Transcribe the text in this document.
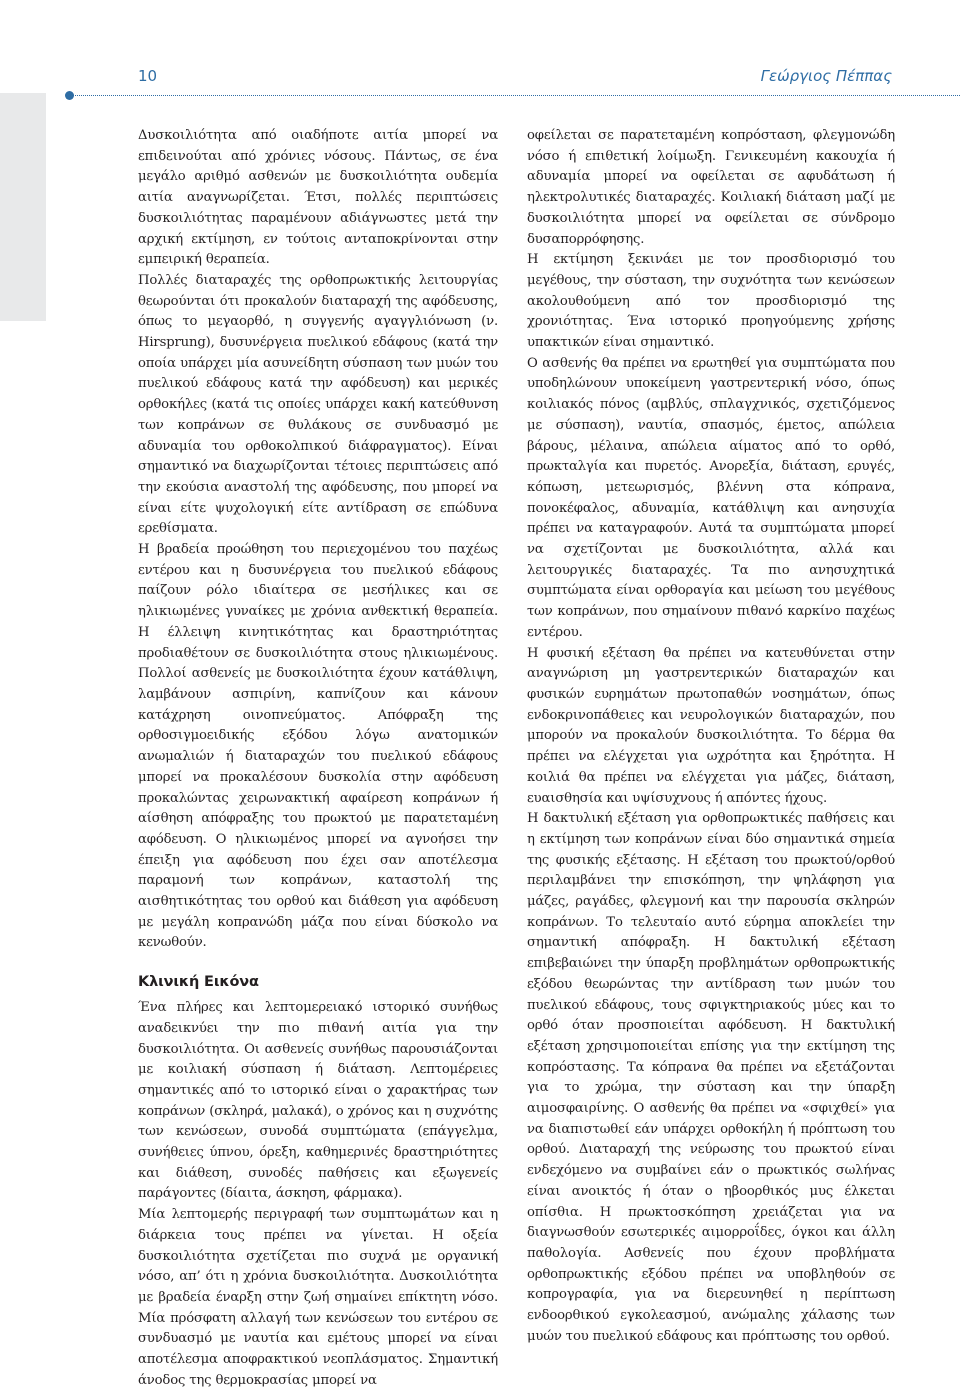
10	Γεώργιος Πέππας

Δυσκοιλιότητα από οιαδήποτε αιτία μπορεί να επιδεινούται από χρόνιες νόσους. Πάντως, σε ένα μεγάλο αριθμό ασθενών με δυσκοιλιότητα ουδεμία αιτία αναγνωρίζεται. Έτσι, πολλές περιπτώσεις δυσκοιλιότητας παραμένουν αδιάγνωστες μετά την αρχική εκτίμηση, εν τούτοις ανταποκρίνονται στην εμπειρική θεραπεία.

Πολλές διαταραχές της ορθοπρωκτικής λειτουργίας θεωρούνται ότι προκαλούν διαταραχή της αφόδευσης, όπως το μεγαορθό, η συγγενής αγαγγλιόνωση (ν. Hirsprung), δυσυνέργεια πυελικού εδάφους (κατά την οποία υπάρχει μία ασυνείδητη σύσπαση των μυών του πυελικού εδάφους κατά την αφόδευση) και μερικές ορθοκήλες (κατά τις οποίες υπάρχει κακή κατεύθυνση των κοπράνων σε θυλάκους σε συνδυασμό με αδυναμία του ορθοκολπικού διάφραγματος). Είναι σημαντικό να διαχωρίζονται τέτοιες περιπτώσεις από την εκούσια αναστολή της αφόδευσης, που μπορεί να είναι είτε ψυχολογική είτε αντίδραση σε επώδυνα ερεθίσματα.

Η βραδεία προώθηση του περιεχομένου του παχέως εντέρου και η δυσυνέργεια του πυελικού εδάφους παίζουν ρόλο ιδιαίτερα σε μεσήλικες και σε ηλικιωμένες γυναίκες με χρόνια ανθεκτική θεραπεία. Η έλλειψη κινητικότητας και δραστηριότητας προδιαθέτουν σε δυσκοιλιότητα στους ηλικιωμένους. Πολλοί ασθενείς με δυσκοιλιότητα έχουν κατάθλιψη, λαμβάνουν ασπιρίνη, καπνίζουν και κάνουν κατάχρηση οινοπνεύματος. Απόφραξη της ορθοσιγμοειδικής εξόδου λόγω ανατομικών ανωμαλιών ή διαταραχών του πυελικού εδάφους μπορεί να προκαλέσουν δυσκολία στην αφόδευση προκαλώντας χειρωνακτική αφαίρεση κοπράνων ή αίσθηση απόφραξης του πρωκτού με παρατεταμένη αφόδευση. Ο ηλικιωμένος μπορεί να αγνοήσει την έπειξη για αφόδευση που έχει σαν αποτέλεσμα παραμονή των κοπράνων, καταστολή της αισθητικότητας του ορθού και διάθεση για αφόδευση με μεγάλη κοπρανώδη μάζα που είναι δύσκολο να κενωθούν.

Κλινική Εικόνα

Ένα πλήρες και λεπτομερειακό ιστορικό συνήθως αναδεικνύει την πιο πιθανή αιτία για την δυσκοιλιότητα. Οι ασθενείς συνήθως παρουσιάζονται με κοιλιακή σύσπαση ή διάταση. Λεπτομέρειες σημαντικές από το ιστορικό είναι ο χαρακτήρας των κοπράνων (σκληρά, μαλακά), ο χρόνος και η συχνότης των κενώσεων, συνοδά συμπτώματα (επάγγελμα, συνήθειες ύπνου, όρεξη, καθημερινές δραστηριότητες και διάθεση, συνοδές παθήσεις και εξωγενείς παράγοντες (δίαιτα, άσκηση, φάρμακα).

Μία λεπτομερής περιγραφή των συμπτωμάτων και η διάρκεια τους πρέπει να γίνεται. Η οξεία δυσκοιλιότητα σχετίζεται πιο συχνά με οργανική νόσο, απ’ ότι η χρόνια δυσκοιλιότητα. Δυσκοιλιότητα με βραδεία έναρξη στην ζωή σημαίνει επίκτητη νόσο. Μία πρόσφατη αλλαγή των κενώσεων του εντέρου σε συνδυασμό με ναυτία και εμέτους μπορεί να είναι αποτέλεσμα αποφρακτικού νεοπλάσματος. Σημαντική άνοδος της θερμοκρασίας μπορεί να

οφείλεται σε παρατεταμένη κοπρόσταση, φλεγμονώδη νόσο ή επιθετική λοίμωξη. Γενικευμένη κακουχία ή αδυναμία μπορεί να οφείλεται σε αφυδάτωση ή ηλεκτρολυτικές διαταραχές. Κοιλιακή διάταση μαζί με δυσκοιλιότητα μπορεί να οφείλεται σε σύνδρομο δυσαπορρόφησης.

Η εκτίμηση ξεκινάει με τον προσδιορισμό του μεγέθους, την σύσταση, την συχνότητα των κενώσεων ακολουθούμενη από τον προσδιορισμό της χρονιότητας. Ένα ιστορικό προηγούμενης χρήσης υπακτικών είναι σημαντικό.

Ο ασθενής θα πρέπει να ερωτηθεί για συμπτώματα που υποδηλώνουν υποκείμενη γαστρεντερική νόσο, όπως κοιλιακός πόνος (αμβλύς, σπλαγχνικός, σχετιζόμενος με σύσπαση), ναυτία, σπασμός, έμετος, απώλεια βάρους, μέλαινα, απώλεια αίματος από το ορθό, πρωκταλγία και πυρετός. Ανορεξία, διάταση, ερυγές, κόπωση, μετεωρισμός, βλέννη στα κόπρανα, πονοκέφαλος, αδυναμία, κατάθλιψη και ανησυχία πρέπει να καταγραφούν. Αυτά τα συμπτώματα μπορεί να σχετίζονται με δυσκοιλιότητα, αλλά και λειτουργικές διαταραχές. Τα πιο ανησυχητικά συμπτώματα είναι ορθοραγία και μείωση του μεγέθους των κοπράνων, που σημαίνουν πιθανό καρκίνο παχέως εντέρου.

Η φυσική εξέταση θα πρέπει να κατευθύνεται στην αναγνώριση μη γαστρεντερικών διαταραχών και φυσικών ευρημάτων πρωτοπαθών νοσημάτων, όπως ενδοκρινοπάθειες και νευρολογικών διαταραχών, που μπορούν να προκαλούν δυσκοιλιότητα. Το δέρμα θα πρέπει να ελέγχεται για ωχρότητα και ξηρότητα. Η κοιλιά θα πρέπει να ελέγχεται για μάζες, διάταση, ευαισθησία και υψίσυχνους ή απόντες ήχους.

Η δακτυλική εξέταση για ορθοπρωκτικές παθήσεις και η εκτίμηση των κοπράνων είναι δύο σημαντικά σημεία της φυσικής εξέτασης. Η εξέταση του πρωκτού/ορθού περιλαμβάνει την επισκόπηση, την ψηλάφηση για μάζες, ραγάδες, φλεγμονή και την παρουσία σκληρών κοπράνων. Το τελευταίο αυτό εύρημα αποκλείει την σημαντική απόφραξη. Η δακτυλική εξέταση επιβεβαιώνει την ύπαρξη προβλημάτων ορθοπρωκτικής εξόδου θεωρώντας την αντίδραση των μυών του πυελικού εδάφους, τους σφιγκτηριακούς μύες και το ορθό όταν προσποιείται αφόδευση. Η δακτυλική εξέταση χρησιμοποιείται επίσης για την εκτίμηση της κοπρόστασης. Τα κόπρανα θα πρέπει να εξετάζονται για το χρώμα, την σύσταση και την ύπαρξη αιμοσφαιρίνης. Ο ασθενής θα πρέπει να «σφιχθεί» για να διαπιστωθεί εάν υπάρχει ορθοκήλη ή πρόπτωση του ορθού. Διαταραχή της νεύρωσης του πρωκτού είναι ενδεχόμενο να συμβαίνει εάν ο πρωκτικός σωλήνας είναι ανοικτός ή όταν ο ηβοορθικός μυς έλκεται οπίσθια. Η πρωκτοσκόπηση χρειάζεται για να διαγνωσθούν εσωτερικές αιμορροΐδες, όγκοι και άλλη παθολογία. Ασθενείς που έχουν προβλήματα ορθοπρωκτικής εξόδου πρέπει να υποβληθούν σε κοπρογραφία, για να διερευνηθεί η περίπτωση ενδοορθικού εγκολεασμού, ανώμαλης χάλασης των μυών του πυελικού εδάφους και πρόπτωσης του ορθού.
